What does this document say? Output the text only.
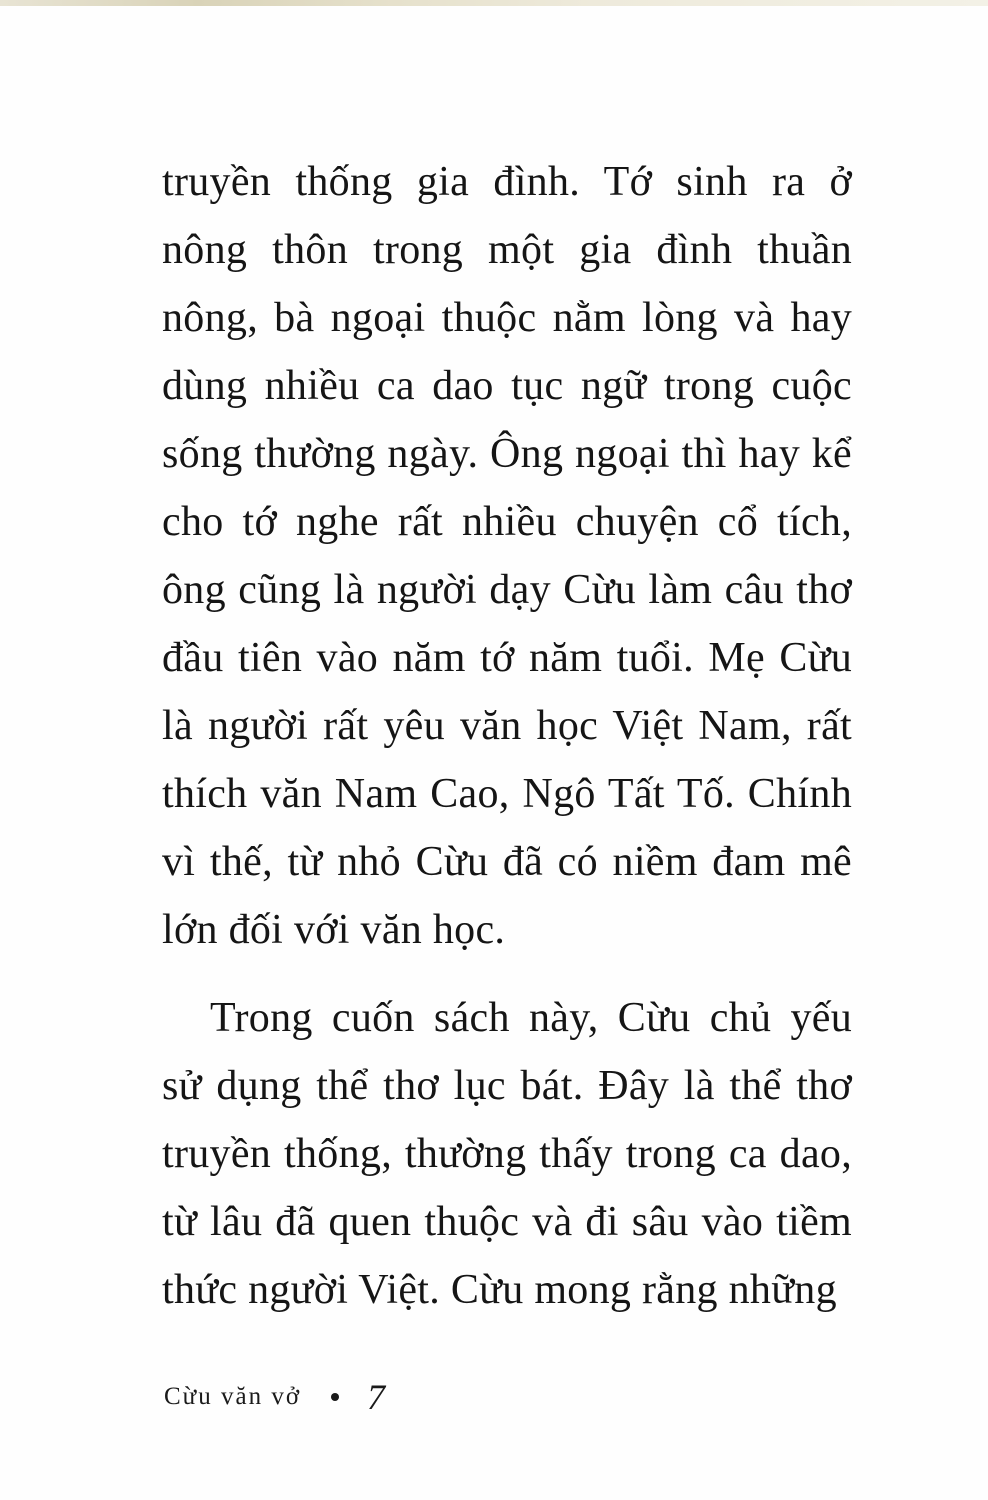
truyền thống gia đình. Tớ sinh ra ở nông thôn trong một gia đình thuần nông, bà ngoại thuộc nằm lòng và hay dùng nhiều ca dao tục ngữ trong cuộc sống thường ngày. Ông ngoại thì hay kể cho tớ nghe rất nhiều chuyện cổ tích, ông cũng là người dạy Cừu làm câu thơ đầu tiên vào năm tớ năm tuổi. Mẹ Cừu là người rất yêu văn học Việt Nam, rất thích văn Nam Cao, Ngô Tất Tố. Chính vì thế, từ nhỏ Cừu đã có niềm đam mê lớn đối với văn học.

Trong cuốn sách này, Cừu chủ yếu sử dụng thể thơ lục bát. Đây là thể thơ truyền thống, thường thấy trong ca dao, từ lâu đã quen thuộc và đi sâu vào tiềm thức người Việt. Cừu mong rằng những

Cừu văn vở 7
